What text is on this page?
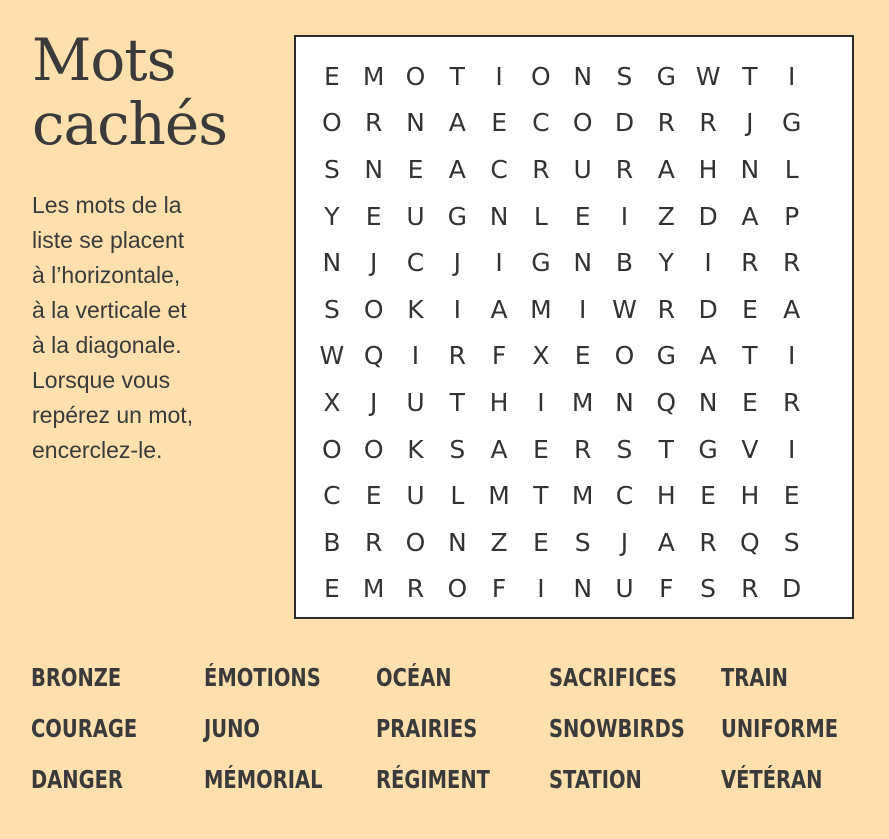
Mots
cachés

Les mots de la
liste se placent
à l’horizontale,
à la verticale et
à la diagonale.
Lorsque vous
repérez un mot,
encerclez-le.

E M O T	I	O N S G W T	I
O R N A	E	C O D R R	J	G
S N E	A C R U R A H N	L
Y	E U G N	L	E	I	Z D A	P
N	J	C	J	I	G N B	Y	I	R R
S O K	I	A M	I	W R D E	A
W Q	I	R	F	X	E O G A	T	I
X	J	U	T H	I	M N Q N E	R
O O K	S	A	E	R	S	T G V	I
C	E U	L M T M C H E H E
B R O N Z	E	S	J	A R Q S
E M R O F	I	N U	F	S	R D
BRONZE	ÉMOTIONS	OCÉAN	SACRIFICES TRAIN
COURAGE	JUNO	PRAIRIES	SNOWBIRDS UNIFORME
DANGER	MÉMORIAL	RÉGIMENT	STATION	VÉTÉRAN
